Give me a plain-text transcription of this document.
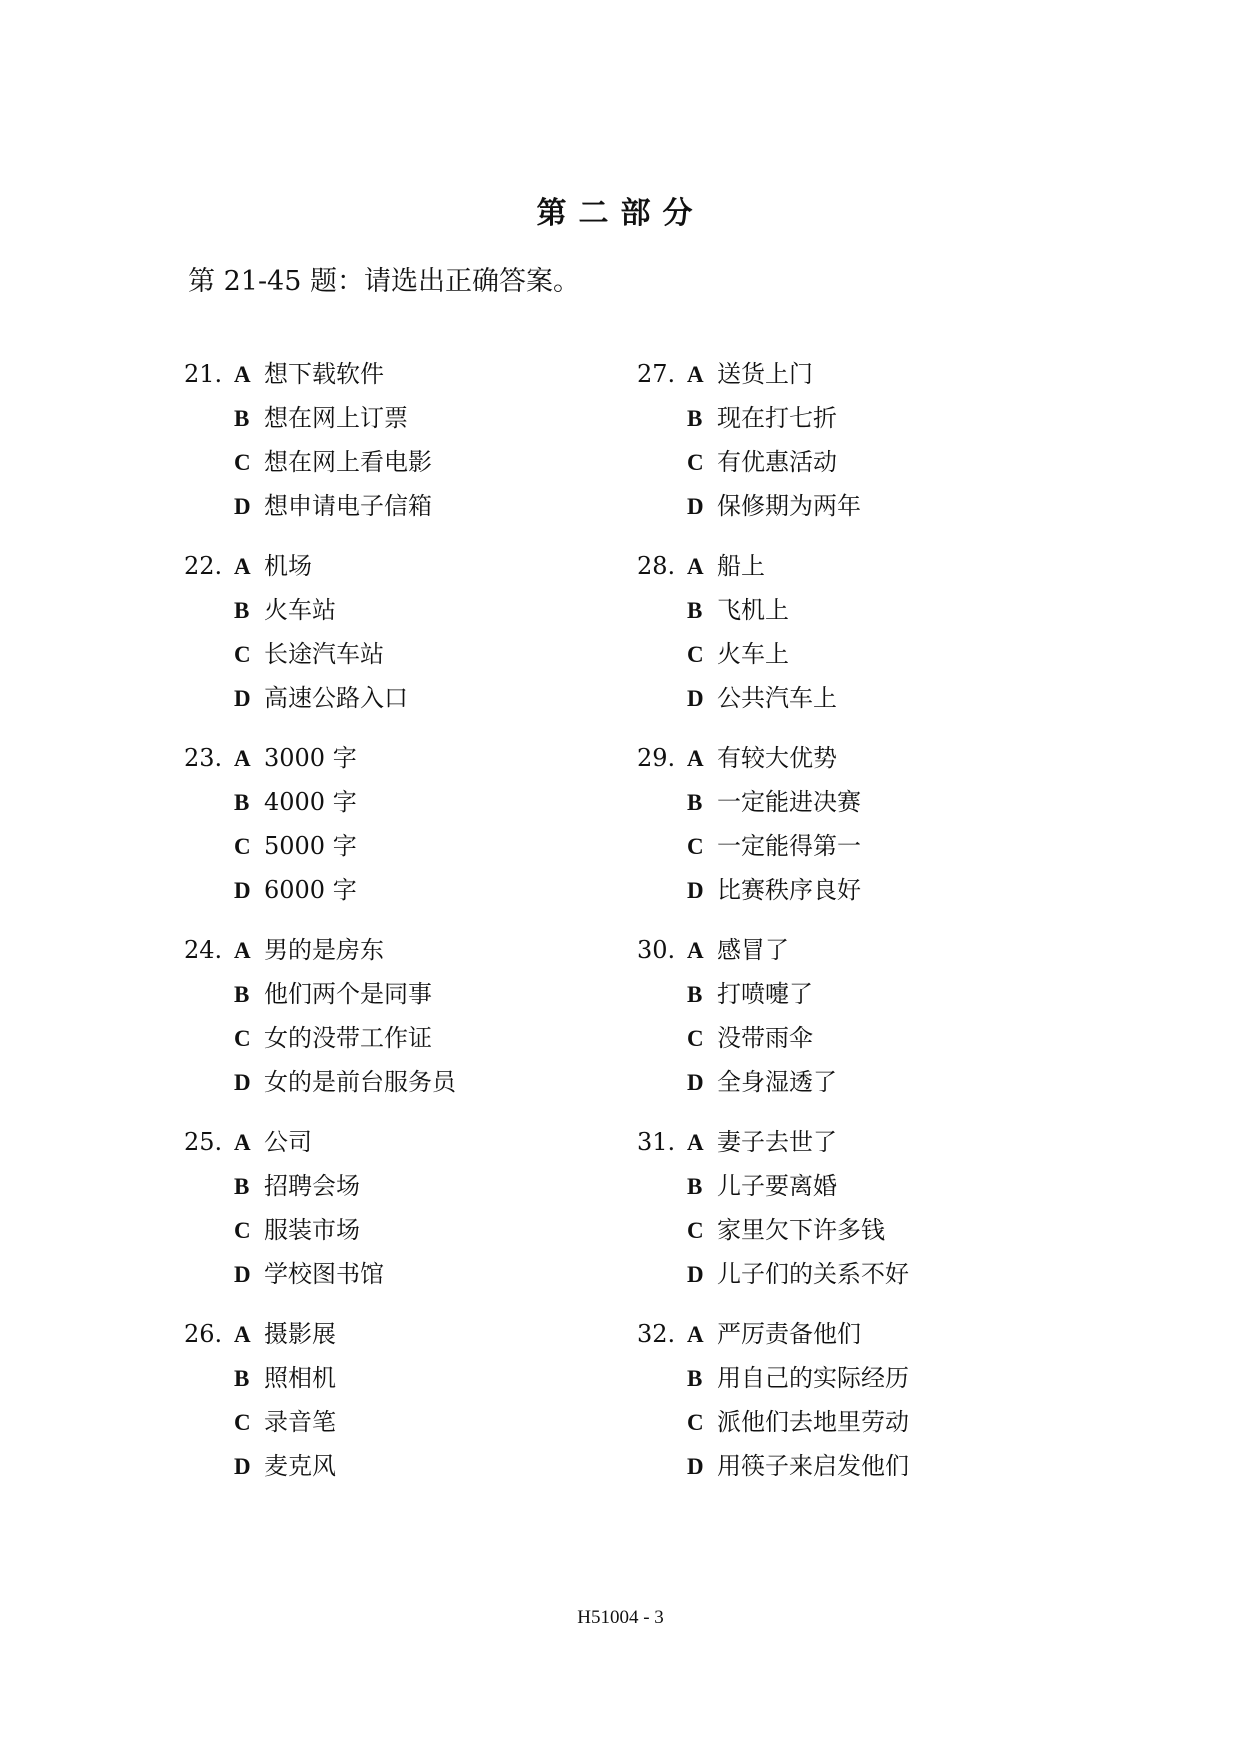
第二部分
第 21-45 题：请选出正确答案。
21. A 想下载软件
B 想在网上订票
C 想在网上看电影
D 想申请电子信箱
22. A 机场
B 火车站
C 长途汽车站
D 高速公路入口
23. A 3000 字
B 4000 字
C 5000 字
D 6000 字
24. A 男的是房东
B 他们两个是同事
C 女的没带工作证
D 女的是前台服务员
25. A 公司
B 招聘会场
C 服装市场
D 学校图书馆
26. A 摄影展
B 照相机
C 录音笔
D 麦克风
27. A 送货上门
B 现在打七折
C 有优惠活动
D 保修期为两年
28. A 船上
B 飞机上
C 火车上
D 公共汽车上
29. A 有较大优势
B 一定能进决赛
C 一定能得第一
D 比赛秩序良好
30. A 感冒了
B 打喷嚏了
C 没带雨伞
D 全身湿透了
31. A 妻子去世了
B 儿子要离婚
C 家里欠下许多钱
D 儿子们的关系不好
32. A 严厉责备他们
B 用自己的实际经历
C 派他们去地里劳动
D 用筷子来启发他们
H51004 - 3
